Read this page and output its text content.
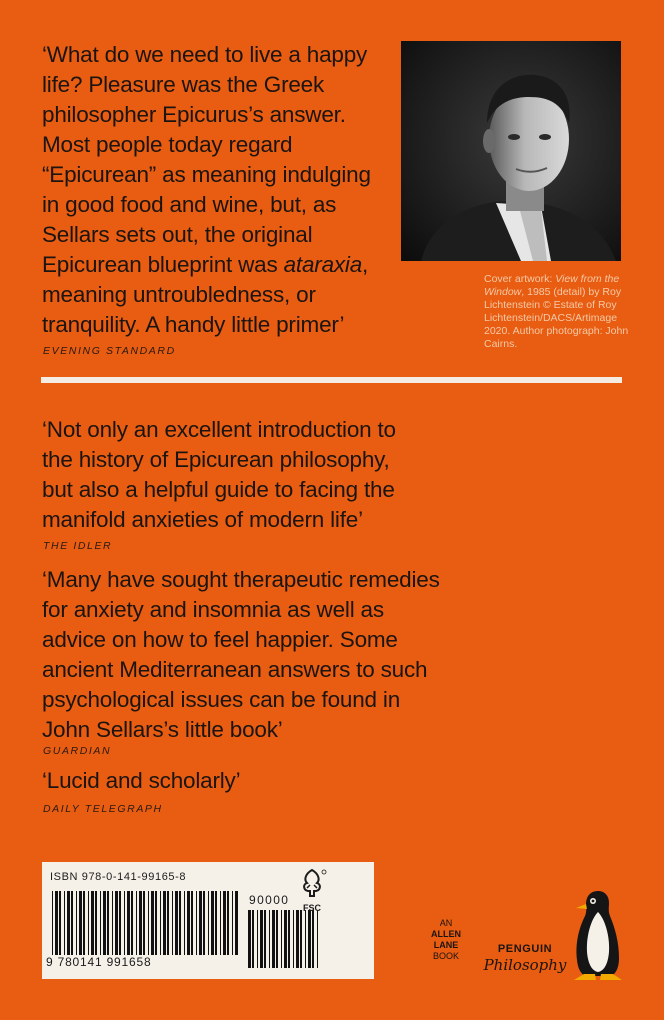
‘What do we need to live a happy
life? Pleasure was the Greek
philosopher Epicurus’s answer.
Most people today regard
“Epicurean” as meaning indulging
in good food and wine, but, as
Sellars sets out, the original
Epicurean blueprint was ataraxia,
meaning untroubledness, or
tranquility. A handy little primer’

EVENING STANDARD
Cover artwork: View from the Window, 1985 (detail) by Roy Lichtenstein © Estate of Roy Lichtenstein/DACS/Artimage 2020. Author photograph: John Cairns.

‘Not only an excellent introduction to
the history of Epicurean philosophy,
but also a helpful guide to facing the
manifold anxieties of modern life’

THE IDLER

‘Many have sought therapeutic remedies
for anxiety and insomnia as well as
advice on how to feel happier. Some
ancient Mediterranean answers to such
psychological issues can be found in
John Sellars’s little book’

GUARDIAN

‘Lucid and scholarly’

DAILY TELEGRAPH
ISBN 978-0-141-99165-8
9 780141 991658
90000
FSC
AN
ALLEN
LANE
BOOK
PENGUIN
Philosophy
